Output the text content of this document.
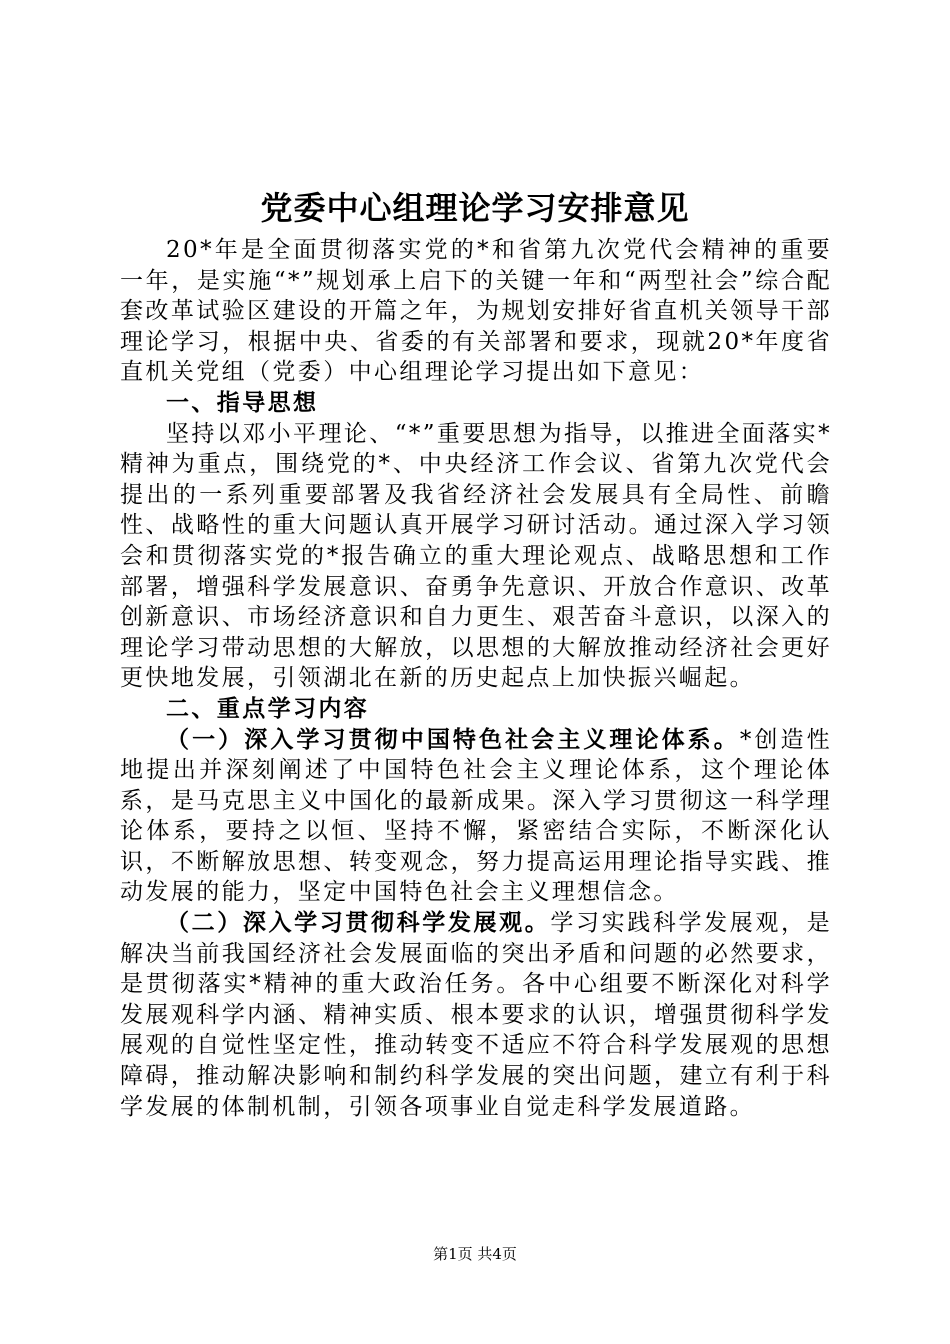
党委中心组理论学习安排意见

20*年是全面贯彻落实党的*和省第九次党代会精神的重要一年，是实施“*”规划承上启下的关键一年和“两型社会”综合配套改革试验区建设的开篇之年，为规划安排好省直机关领导干部理论学习，根据中央、省委的有关部署和要求，现就20*年度省直机关党组（党委）中心组理论学习提出如下意见：

一、指导思想

坚持以邓小平理论、“*”重要思想为指导，以推进全面落实*精神为重点，围绕党的*、中央经济工作会议、省第九次党代会提出的一系列重要部署及我省经济社会发展具有全局性、前瞻性、战略性的重大问题认真开展学习研讨活动。通过深入学习领会和贯彻落实党的*报告确立的重大理论观点、战略思想和工作部署，增强科学发展意识、奋勇争先意识、开放合作意识、改革创新意识、市场经济意识和自力更生、艰苦奋斗意识，以深入的理论学习带动思想的大解放，以思想的大解放推动经济社会更好更快地发展，引领湖北在新的历史起点上加快振兴崛起。

二、重点学习内容

（一）深入学习贯彻中国特色社会主义理论体系。*创造性地提出并深刻阐述了中国特色社会主义理论体系，这个理论体系，是马克思主义中国化的最新成果。深入学习贯彻这一科学理论体系，要持之以恒、坚持不懈，紧密结合实际，不断深化认识，不断解放思想、转变观念，努力提高运用理论指导实践、推动发展的能力，坚定中国特色社会主义理想信念。

（二）深入学习贯彻科学发展观。学习实践科学发展观，是解决当前我国经济社会发展面临的突出矛盾和问题的必然要求，是贯彻落实*精神的重大政治任务。各中心组要不断深化对科学发展观科学内涵、精神实质、根本要求的认识，增强贯彻科学发展观的自觉性坚定性，推动转变不适应不符合科学发展观的思想障碍，推动解决影响和制约科学发展的突出问题，建立有利于科学发展的体制机制，引领各项事业自觉走科学发展道路。

第1页 共4页
